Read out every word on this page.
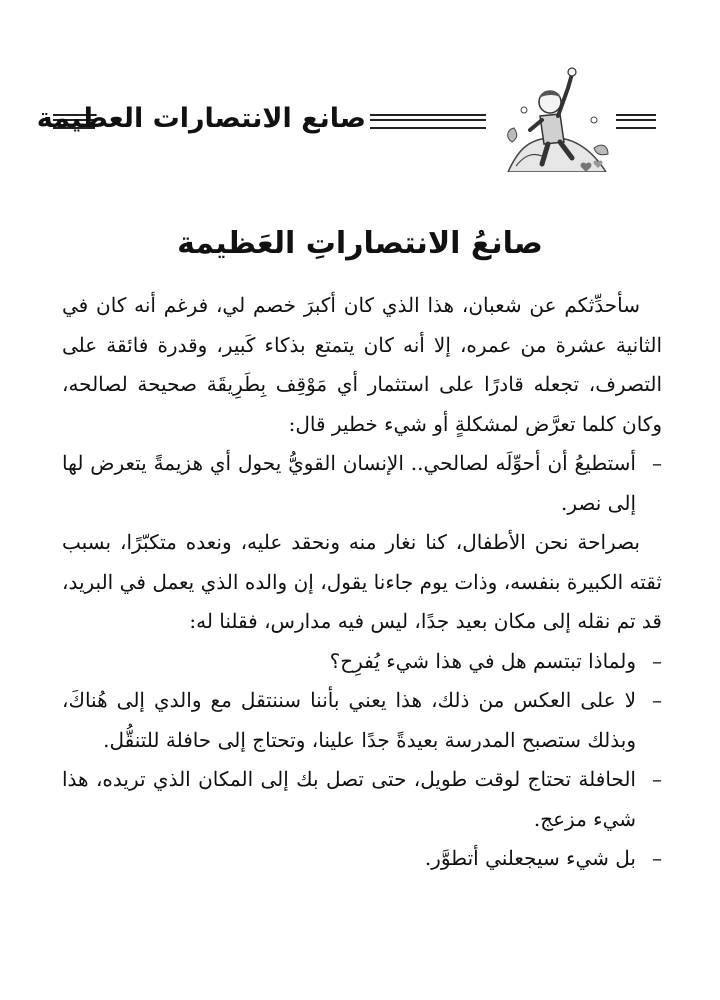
صانع الانتصارات العظيمة
صانعُ الانتصاراتِ العَظيمة

سأحدِّثكم عن شعبان، هذا الذي كان أكبرَ خصم لي، فرغم أنه كان في الثانية عشرة من عمره، إلا أنه كان يتمتع بذكاء كَبير، وقدرة فائقة على التصرف، تجعله قادرًا على استثمار أي مَوْقِف بِطَرِيقَة صحيحة لصالحه، وكان كلما تعرَّض لمشكلةٍ أو شيء خطير قال:

–أستطيعُ أن أحوِّلَه لصالحي.. الإنسان القويُّ يحول أي هزيمةً يتعرض لها إلى نصر.

بصراحة نحن الأطفال، كنا نغار منه ونحقد عليه، ونعده متكبّرًا، بسبب ثقته الكبيرة بنفسه، وذات يوم جاءنا يقول، إن والده الذي يعمل في البريد، قد تم نقله إلى مكان بعيد جدًا، ليس فيه مدارس، فقلنا له:

–ولماذا تبتسم هل في هذا شيء يُفرِح؟

–لا على العكس من ذلك، هذا يعني بأننا سننتقل مع والدي إلى هُناكَ، وبذلك ستصبح المدرسة بعيدةً جدًا علينا، وتحتاج إلى حافلة للتنقُّل.

–الحافلة تحتاج لوقت طويل، حتى تصل بك إلى المكان الذي تريده، هذا شيء مزعج.

–بل شيء سيجعلني أتطوَّر.
